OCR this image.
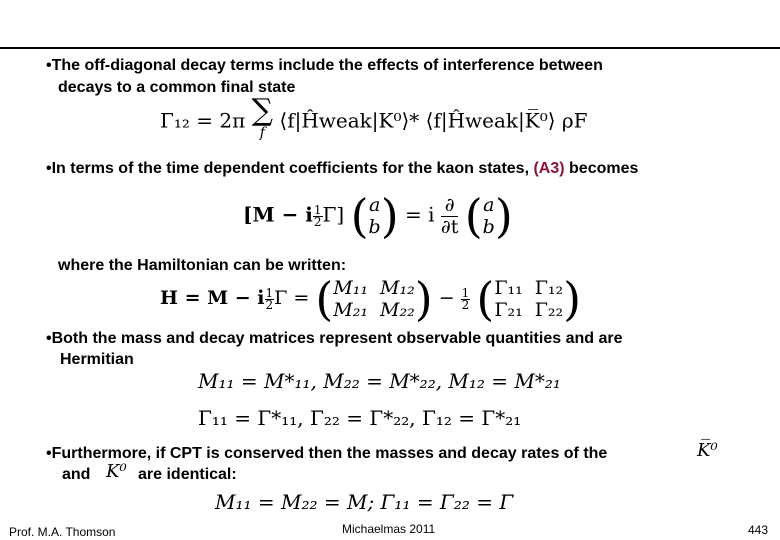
•The off-diagonal decay terms include the effects of interference between
decays to a common final state
Γ₁₂ = 2π ∑
f
⟨f|Ĥweak|K⁰⟩* ⟨f|Ĥweak|K̅⁰⟩ ρF
•In terms of the time dependent coefficients for the kaon states, (A3) becomes
[M − i $\frac{1}{2} \Gamma$] ( a
b ) = i ∂
∂t ( a
b )
where the Hamiltonian can be written:
H = M − i $\frac{1}{2}$ Γ = ( M₁₁ M₁₂
M₂₁ M₂₂ ) − $\frac{1}{2}$ ( Γ₁₁ Γ₁₂
Γ₂₁ Γ₂₂ )
•Both the mass and decay matrices represent observable quantities and are
Hermitian
M₁₁ = M*₁₁, M₂₂ = M*₂₂, M₁₂ = M*₂₁
Γ₁₁ = Γ*₁₁, Γ₂₂ = Γ*₂₂, Γ₁₂ = Γ*₂₁
•Furthermore, if CPT is conserved then the masses and decay rates of the	K̅⁰
and K⁰ are identical:
M₁₁ = M₂₂ = M; Γ₁₁ = Γ₂₂ = Γ
Prof. M.A. Thomson	Michaelmas 2011	443
